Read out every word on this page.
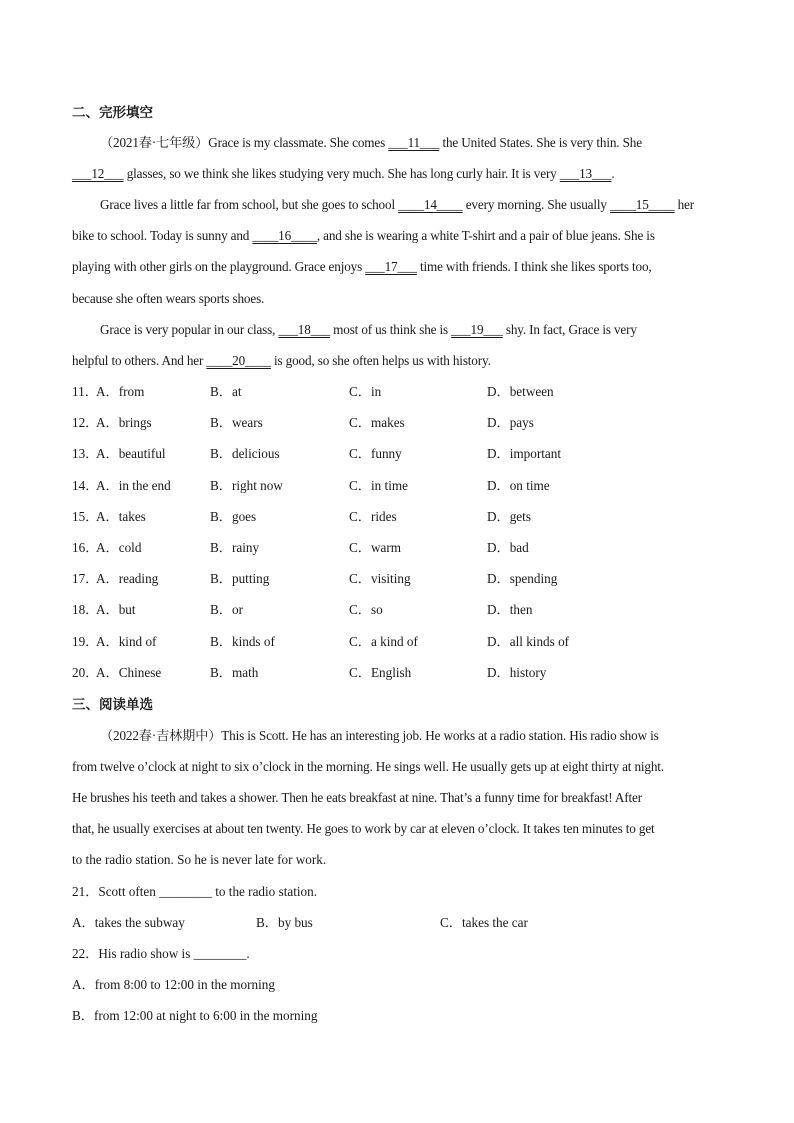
二、完形填空
（2021春·七年级）Grace is my classmate. She comes ___11___ the United States. She is very thin. She
___12___ glasses, so we think she likes studying very much. She has long curly hair. It is very ___13___.
Grace lives a little far from school, but she goes to school ____14____ every morning. She usually ____15____ her
bike to school. Today is sunny and ____16____, and she is wearing a white T-shirt and a pair of blue jeans. She is
playing with other girls on the playground. Grace enjoys ___17___ time with friends. I think she likes sports too,
because she often wears sports shoes.
Grace is very popular in our class, ___18___ most of us think she is ___19___ shy. In fact, Grace is very
helpful to others. And her ____20____ is good, so she often helps us with history.
11．
A．from	B．at	C．in	D．between
12．
A．brings	B．wears	C．makes	D．pays
13．
A．beautiful	B．delicious	C．funny	D．important
14．
A．in the end	B．right now	C．in time	D．on time
15．
A．takes	B．goes	C．rides	D．gets
16．
A．cold	B．rainy	C．warm	D．bad
17．
A．reading	B．putting	C．visiting	D．spending
18．
A．but	B．or	C．so	D．then
19．
A．kind of	B．kinds of	C．a kind of	D．all kinds of
20．
A．Chinese	B．math	C．English	D．history
三、阅读单选
（2022春·吉林期中）This is Scott. He has an interesting job. He works at a radio station. His radio show is
from twelve o’clock at night to six o’clock in the morning. He sings well. He usually gets up at eight thirty at night.
He brushes his teeth and takes a shower. Then he eats breakfast at nine. That’s a funny time for breakfast! After
that, he usually exercises at about ten twenty. He goes to work by car at eleven o’clock. It takes ten minutes to get
to the radio station. So he is never late for work.
21．Scott often ________ to the radio station.
A．takes the subway	B．by bus	C．takes the car
22．His radio show is ________.
A．from 8:00 to 12:00 in the morning
B．from 12:00 at night to 6:00 in the morning
